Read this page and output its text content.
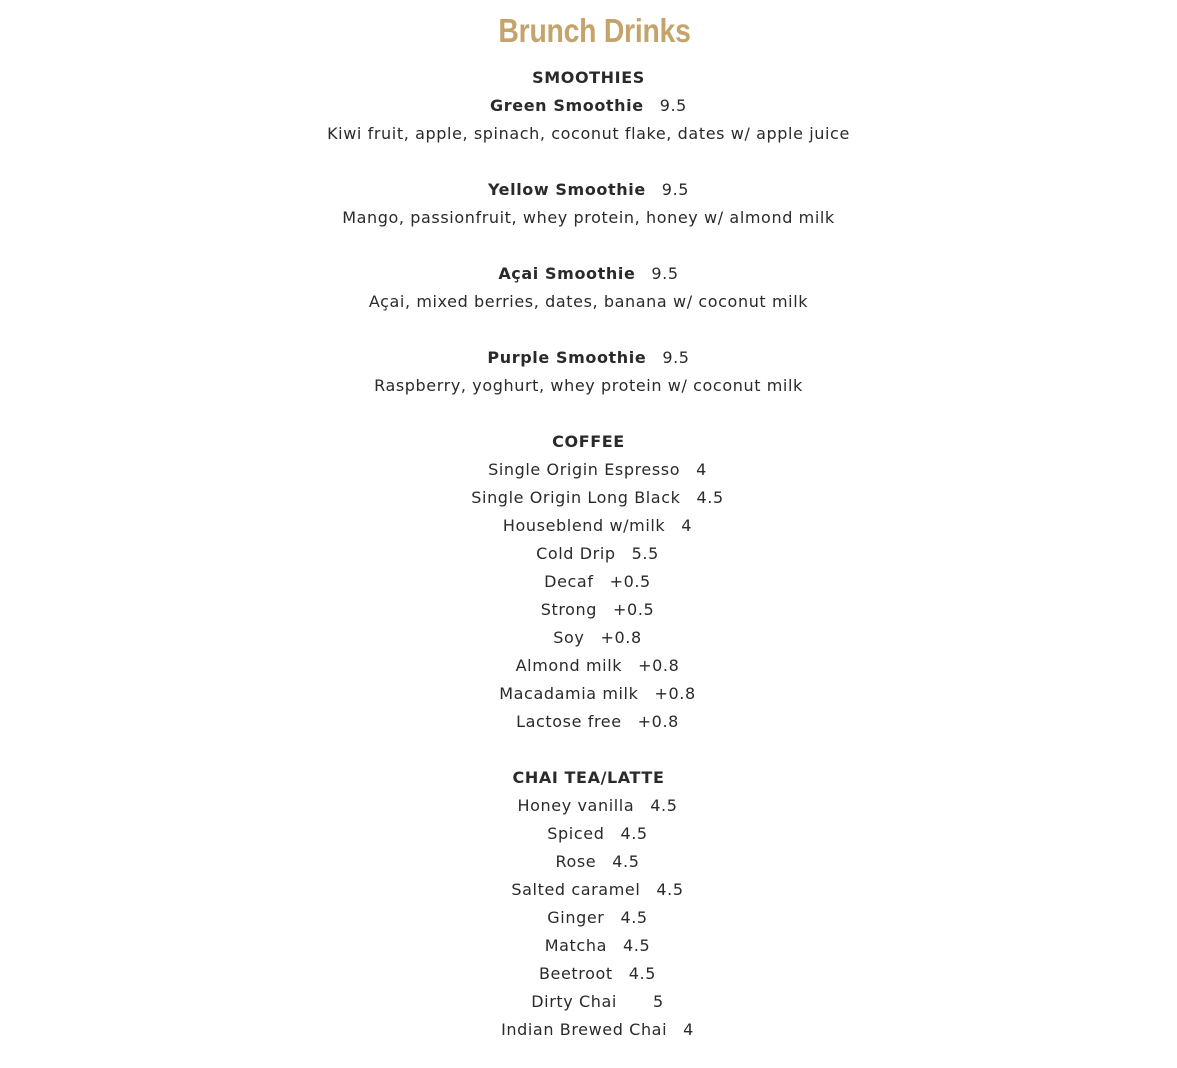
Brunch Drinks
SMOOTHIES
Green Smoothie 9.5
Kiwi fruit, apple, spinach, coconut flake, dates w/ apple juice
Yellow Smoothie 9.5
Mango, passionfruit, whey protein, honey w/ almond milk
Açai Smoothie 9.5
Açai, mixed berries, dates, banana w/ coconut milk
Purple Smoothie 9.5
Raspberry, yoghurt, whey protein w/ coconut milk
COFFEE
Single Origin Espresso 4
Single Origin Long Black 4.5
Houseblend w/milk 4
Cold Drip 5.5
Decaf +0.5
Strong +0.5
Soy +0.8
Almond milk +0.8
Macadamia milk +0.8
Lactose free +0.8
CHAI TEA/LATTE
Honey vanilla 4.5
Spiced 4.5
Rose 4.5
Salted caramel 4.5
Ginger 4.5
Matcha 4.5
Beetroot 4.5
Dirty Chai 5
Indian Brewed Chai 4
